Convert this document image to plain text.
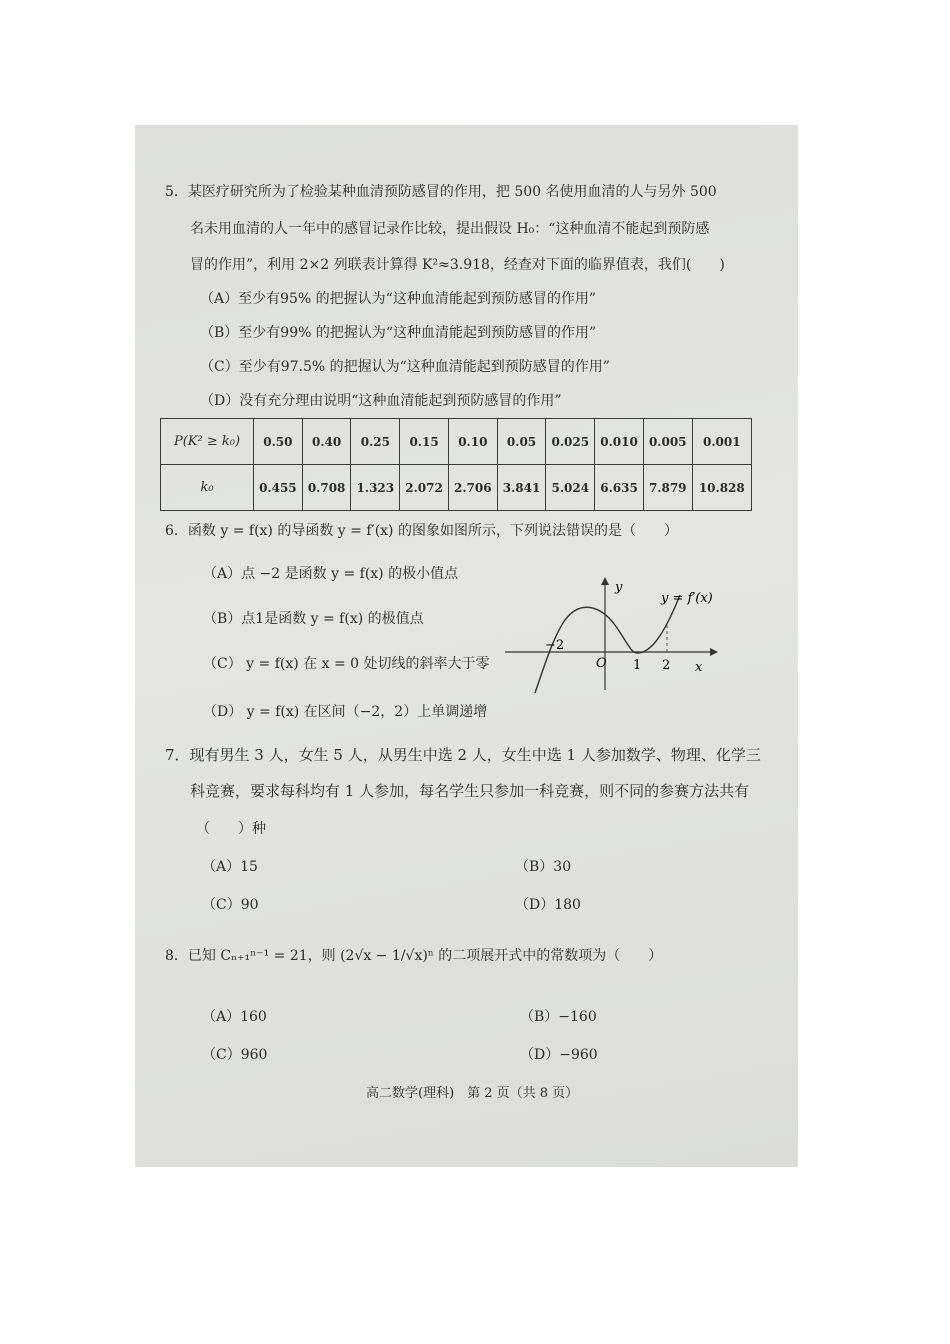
5．某医疗研究所为了检验某种血清预防感冒的作用，把 500 名使用血清的人与另外 500
名未用血清的人一年中的感冒记录作比较，提出假设 H₀：“这种血清不能起到预防感
冒的作用”，利用 2×2 列联表计算得 K²≈3.918，经查对下面的临界值表，我们(　　)
（A）至少有95% 的把握认为“这种血清能起到预防感冒的作用”
（B）至少有99% 的把握认为“这种血清能起到预防感冒的作用”
（C）至少有97.5% 的把握认为“这种血清能起到预防感冒的作用”
（D）没有充分理由说明“这种血清能起到预防感冒的作用”
P(K² ≥ k₀)	0.50	0.40	0.25	0.15	0.10	0.05	0.025	0.010	0.005	0.001
k₀	0.455	0.708	1.323	2.072	2.706	3.841	5.024	6.635	7.879	10.828
6．函数 y = f(x) 的导函数 y = f′(x) 的图象如图所示，下列说法错误的是（　　）
（A）点 −2 是函数 y = f(x) 的极小值点
（B）点1是函数 y = f(x) 的极值点
（C） y = f(x) 在 x = 0 处切线的斜率大于零
（D） y = f(x) 在区间（−2，2）上单调递增
−2
O 1 2 x
y
y = f′(x)
7．现有男生 3 人，女生 5 人，从男生中选 2 人，女生中选 1 人参加数学、物理、化学三
科竞赛，要求每科均有 1 人参加，每名学生只参加一科竞赛，则不同的参赛方法共有
（　　）种
（A）15	（B）30
（C）90	（D）180
8．已知 Cₙ₊₁ⁿ⁻¹ = 21，则 (2√x − 1/√x)ⁿ 的二项展开式中的常数项为（　　）
（A）160	（B）−160
（C）960	（D）−960
高二数学(理科)　第 2 页（共 8 页）
